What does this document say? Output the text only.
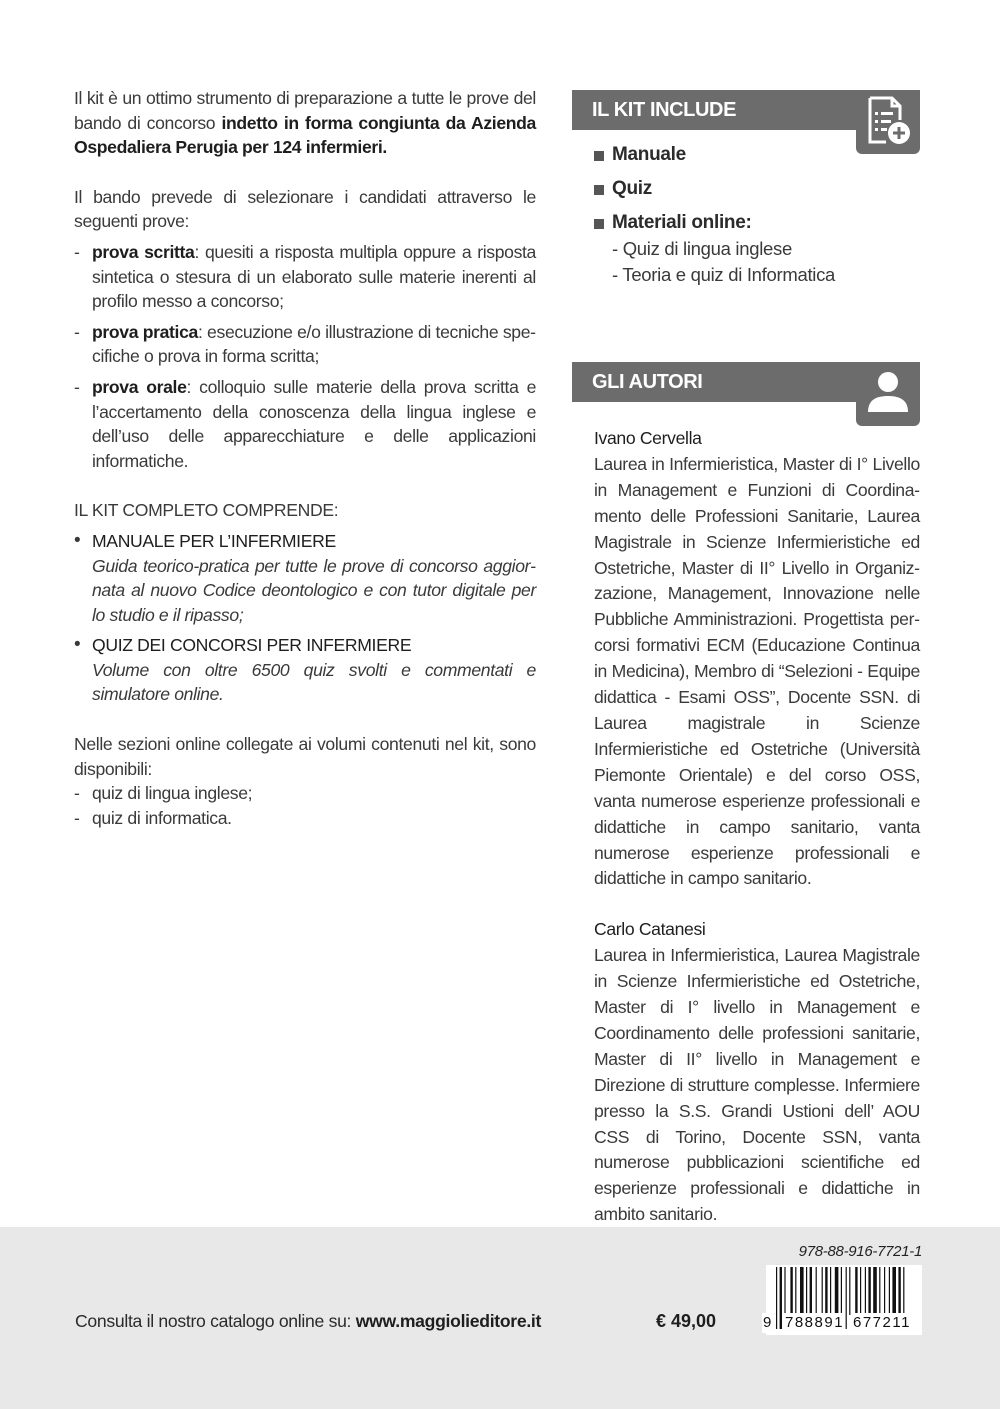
Il kit è un ottimo strumento di preparazione a tutte le prove del bando di concorso indetto in forma congiunta da Azienda Ospedaliera Perugia per 124 infermieri.

Il bando prevede di selezionare i candidati attraverso le seguenti prove:

- prova scritta: quesiti a risposta multipla oppure a risposta sintetica o stesura di un elaborato sulle materie inerenti al profilo messo a concorso;

- prova pratica: esecuzione e/o illustrazione di tecniche specifiche o prova in forma scritta;

- prova orale: colloquio sulle materie della prova scritta e l’accertamento della conoscenza della lingua inglese e dell’uso delle apparecchiature e delle applicazioni informatiche.

IL KIT COMPLETO COMPRENDE:

• MANUALE PER L’INFERMIERE

Guida teorico-pratica per tutte le prove di concorso aggiornata al nuovo Codice deontologico e con tutor digitale per lo studio e il ripasso;

• QUIZ DEI CONCORSI PER INFERMIERE

Volume con oltre 6500 quiz svolti e commentati e simulatore online.

Nelle sezioni online collegate ai volumi contenuti nel kit, sono disponibili:

- quiz di lingua inglese;

- quiz di informatica.

IL KIT INCLUDE
Manuale
Quiz
Materiali online:
- Quiz di lingua inglese
- Teoria e quiz di Informatica
GLI AUTORI

Ivano Cervella

Laurea in Infermieristica, Master di I° Livello in Management e Funzioni di Coordinamento delle Professioni Sanitarie, Laurea Magistrale in Scienze Infermieristiche ed Ostetriche, Master di II° Livello in Organizzazione, Management, Innovazione nelle Pubbliche Amministrazioni. Progettista percorsi formativi ECM (Educazione Continua in Medicina), Membro di “Selezioni - Equipe didattica - Esami OSS”, Docente SSN. di Laurea magistrale in Scienze Infermieristiche ed Ostetriche (Università Piemonte Orientale) e del corso OSS, vanta numerose esperienze professionali e didattiche in campo sanitario, vanta numerose esperienze professionali e didattiche in campo sanitario.

Carlo Catanesi

Laurea in Infermieristica, Laurea Magistrale in Scienze Infermieristiche ed Ostetriche, Master di I° livello in Management e Coordinamento delle professioni sanitarie, Master di II° livello in Management e Direzione di strutture complesse. Infermiere presso la S.S. Grandi Ustioni dell’ AOU CSS di Torino, Docente SSN, vanta numerose pubblicazioni scientifiche ed esperienze professionali e didattiche in ambito sanitario.

Consulta il nostro catalogo online su: www.maggiolieditore.it	€ 49,00
978-88-916-7721-1
9 788891 677211
